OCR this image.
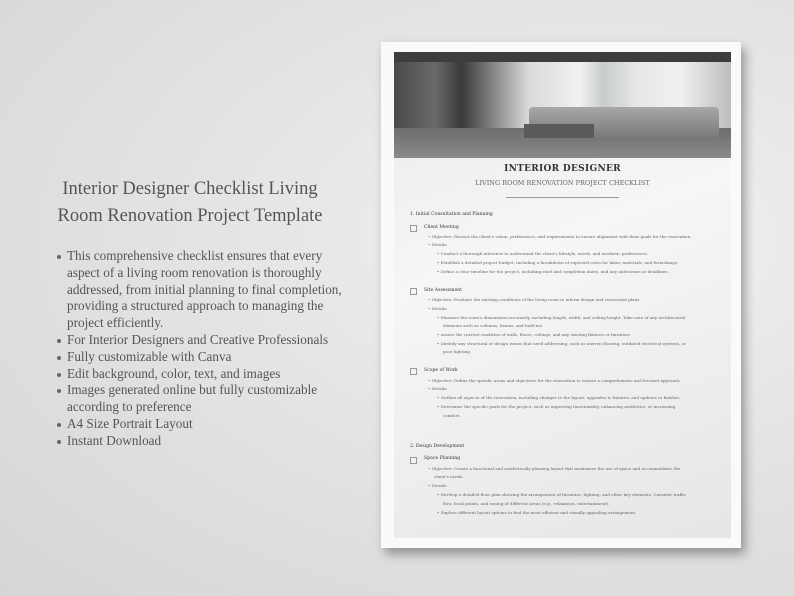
Interior Designer Checklist Living
Room Renovation Project Template
This comprehensive checklist ensures that every aspect of a living room renovation is thoroughly addressed, from initial planning to final completion, providing a structured approach to managing the project efficiently.
For Interior Designers and Creative Professionals
Fully customizable with Canva
Edit background, color, text, and images
Images generated online but fully customizable according to preference
A4 Size Portrait Layout
Instant Download
INTERIOR DESIGNER
LIVING ROOM RENOVATION PROJECT CHECKLIST
1. Initial Consultation and Planning
Client Meeting
• Objective: Discuss the client's vision, preferences, and requirements to ensure alignment with their goals for the renovation.
• Details:
• Conduct a thorough interview to understand the client's lifestyle, needs, and aesthetic preferences.
• Establish a detailed project budget, including a breakdown of expected costs for labor, materials, and furnishings.
• Define a clear timeline for the project, including start and completion dates, and any milestones or deadlines.
Site Assessment
• Objective: Evaluate the existing conditions of the living room to inform design and renovation plans.
• Details:
• Measure the room's dimensions accurately, including length, width, and ceiling height. Take note of any architectural
elements such as columns, beams, and built-ins.
• Assess the current condition of walls, floors, ceilings, and any existing fixtures or furniture.
• Identify any structural or design issues that need addressing, such as uneven flooring, outdated electrical systems, or
poor lighting.
Scope of Work
• Objective: Define the specific areas and objectives for the renovation to ensure a comprehensive and focused approach.
• Details:
• Outline all aspects of the renovation, including changes to the layout, upgrades to fixtures, and updates to finishes.
• Determine the specific goals for the project, such as improving functionality, enhancing aesthetics, or increasing
comfort.
2. Design Development
Space Planning
• Objective: Create a functional and aesthetically pleasing layout that maximizes the use of space and accommodates the
client's needs.
• Details:
• Develop a detailed floor plan showing the arrangement of furniture, lighting, and other key elements. Consider traffic
flow, focal points, and zoning of different areas (e.g., relaxation, entertainment).
• Explore different layout options to find the most efficient and visually appealing arrangement.
